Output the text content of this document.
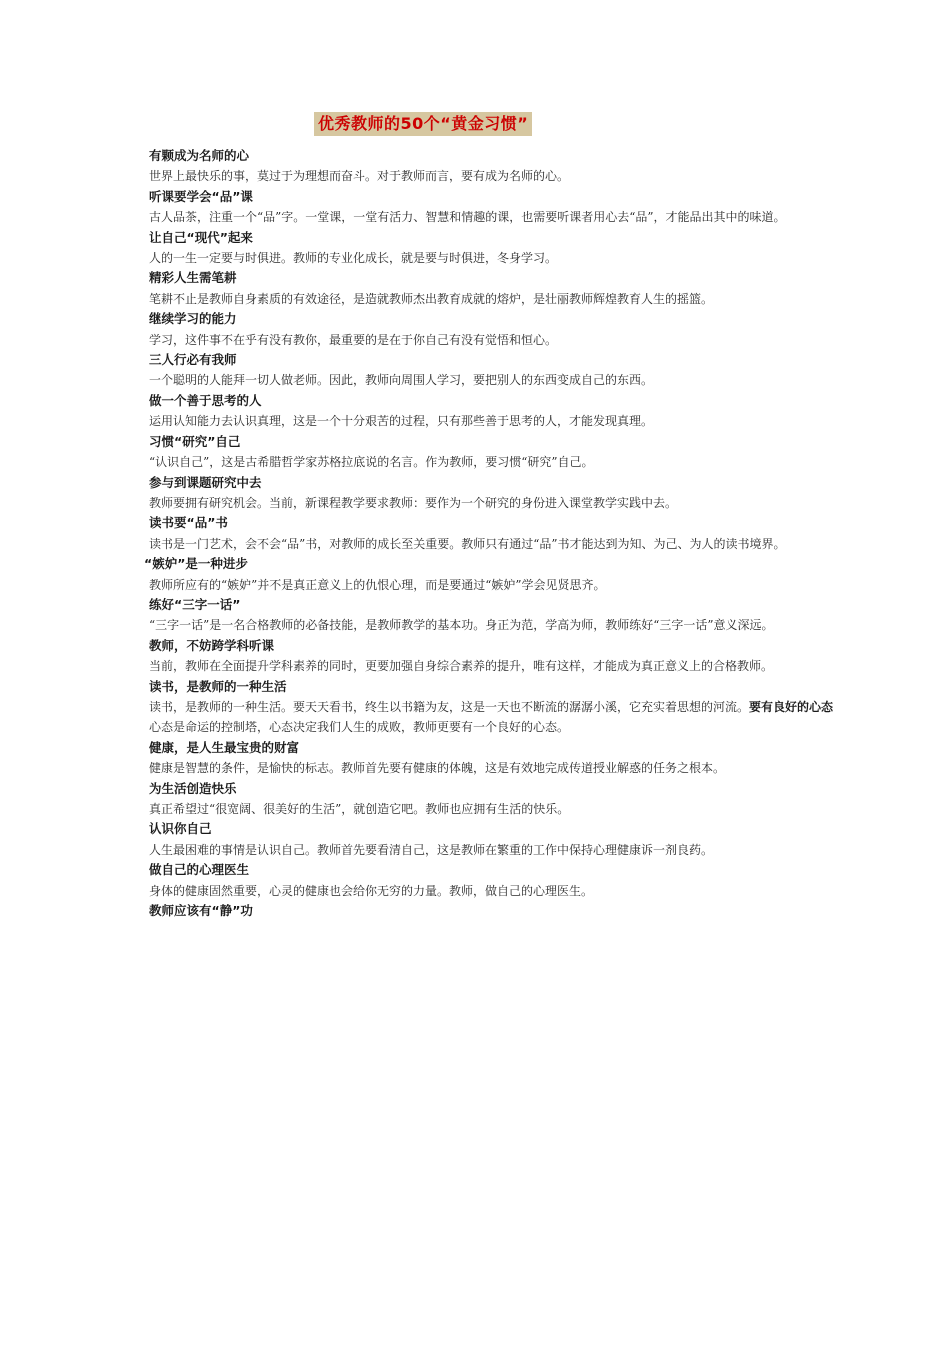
优秀教师的50个“黄金习惯”
有颗成为名师的心
世界上最快乐的事，莫过于为理想而奋斗。对于教师而言，要有成为名师的心。
听课要学会“品”课
古人品茶，注重一个“品”字。一堂课，一堂有活力、智慧和情趣的课，也需要听课者用心去“品”，才能品出其中的味道。
让自己“现代”起来
人的一生一定要与时俱进。教师的专业化成长，就是要与时俱进，冬身学习。
精彩人生需笔耕
笔耕不止是教师自身素质的有效途径，是造就教师杰出教育成就的熔炉，是壮丽教师辉煌教育人生的摇篮。
继续学习的能力
学习，这件事不在乎有没有教你，最重要的是在于你自己有没有觉悟和恒心。
三人行必有我师
一个聪明的人能拜一切人做老师。因此，教师向周围人学习，要把别人的东西变成自己的东西。
做一个善于思考的人
运用认知能力去认识真理，这是一个十分艰苦的过程，只有那些善于思考的人，才能发现真理。
习惯“研究”自己
“认识自己”，这是古希腊哲学家苏格拉底说的名言。作为教师，要习惯“研究”自己。
参与到课题研究中去
教师要拥有研究机会。当前，新课程教学要求教师：要作为一个研究的身份进入课堂教学实践中去。
读书要“品”书
读书是一门艺术，会不会“品”书，对教师的成长至关重要。教师只有通过“品”书才能达到为知、为己、为人的读书境界。
“嫉妒”是一种进步
教师所应有的“嫉妒”并不是真正意义上的仇恨心理，而是要通过“嫉妒”学会见贤思齐。
练好“三字一话”
“三字一话”是一名合格教师的必备技能，是教师教学的基本功。身正为范，学高为师，教师练好“三字一话”意义深远。
教师，不妨跨学科听课
当前，教师在全面提升学科素养的同时，更要加强自身综合素养的提升，唯有这样，才能成为真正意义上的合格教师。
读书，是教师的一种生活
读书，是教师的一种生活。要天天看书，终生以书籍为友，这是一天也不断流的潺潺小溪，它充实着思想的河流。要有良好的心态
心态是命运的控制塔，心态决定我们人生的成败，教师更要有一个良好的心态。
健康，是人生最宝贵的财富
健康是智慧的条件，是愉快的标志。教师首先要有健康的体魄，这是有效地完成传道授业解惑的任务之根本。
为生活创造快乐
真正希望过“很宽阔、很美好的生活”，就创造它吧。教师也应拥有生活的快乐。
认识你自己
人生最困难的事情是认识自己。教师首先要看清自己，这是教师在繁重的工作中保持心理健康诉一剂良药。
做自己的心理医生
身体的健康固然重要，心灵的健康也会给你无穷的力量。教师，做自己的心理医生。
教师应该有“静”功
